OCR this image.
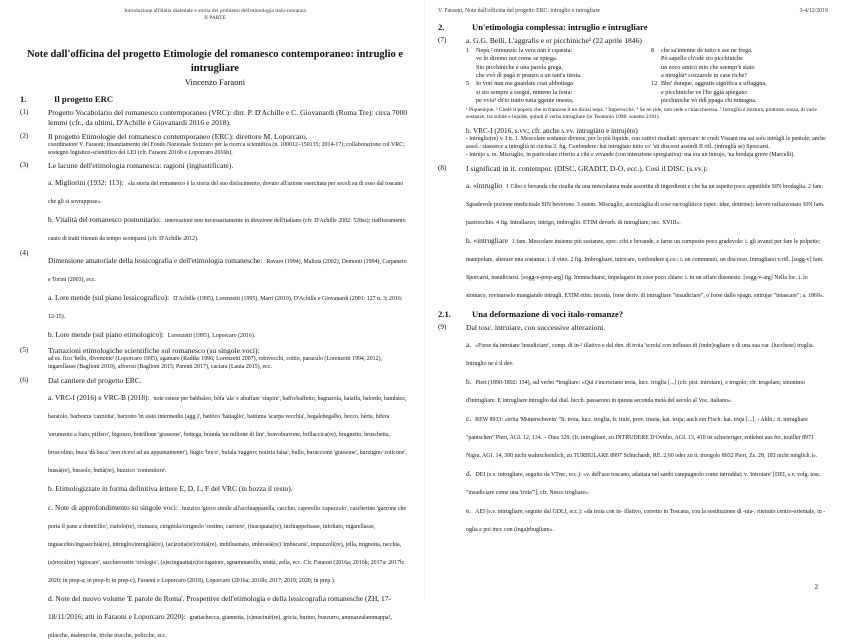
Introduzione all'Italia dialettale e storia dei problemi dell'etimologia italo-romanza
II PARTE
Note dall'officina del progetto Etimologie del romanesco contemporaneo: intruglio e intrugliare
Vincenzo Faraoni
1.	Il progetto ERC
(1)	Progetto Vocabolario del romanesco contemporaneo (VRC): dirr. P. D'Achille e C. Giovanardi (Roma Tre): circa 7000 lemmi (cfr., da ultimi, D'Achille e Giovanardi 2016 e 2018).

(2)	Il progetto Etimologie del romanesco contemporaneo (ERC): direttore M. Loporcaro,

coordinatore V. Faraoni; finanziamento del Fondo Nazionale Svizzero per la ricerca scientifica (n. 100012–150135; 2014-17); collaborazione col VRC; sostegno logistico-scientifico del LEI (cfr. Faraoni 2016b e Loporcaro 2016b).

(3)	Le lacune dell'etimologia romanesca: ragioni (ingiustificate).

a. Migliorini (1932: 113): «la storia del romanesco è la storia del suo disfacimento, dovuto all'azione esercitata per secoli su di esso dal toscano che gli si sovrappose».
b. Vitalità del romanesco postunitario: innovazioni non necessariamente in direzione dell'italiano (cfr. D'Achille 2002: 528ss); riaffioramento cauto di tratti ritenuti da tempo scomparsi (cfr. D'Achille 2012).
(4)
Dimensione amatoriale della lessicografia e dell'etimologia romanesche: Ravaro (1994), Malizia (2002), Demonti (1994), Carpaneto e Torini (2003), ecc.
a. Lore mende (sul piano lessicografico): D'Achille (1995), Lorenzetti (1995), Marri (2010), D'Achille e Giovanardi (2001: 127 n. 3; 2016: 12-15).
b. Lore mende (sul piano etimologico): Lorenzetti (1995), Loporcaro (2016).
(5)	Trattazioni etimologiche scientifiche sul romanesco (su singole voci):

ad es. fico 'bello, divertente' (Loporcaro 1995), sgamare (Radtke 1996; Lorenzetti 2007), robivecchi, cottio, paraculo (Lorenzetti 1994, 2012), ingarellasse (Baglioni 2010), afforosi (Baglioni 2015; Parenti 2017), caciara (Lauta 2015), ecc.

(6)	Dal cantiere del progetto ERC.

a. VRC-I (2016) e VRC-B (2018): note estese per babbaleo, bòfa 'ala' e abuffare 'stupire', baffo/baffetto, bagnarola, baiaffa, balordo, bambace, baratolo, barbozza 'cazzotta', barzotto 'in stato intermedio (agg.)', battòco 'battaglio', battùma 'scarpa vecchia', begalebegalbo, becco, bèrta, bifera 'strumento a fiato, piffero', bigonzo, botrillone 'grassone', bottega, brànda 'un milione di lire', bravobravone, brillaccica(re), brugnetto, bruschetta, bruscolino, buca 'dà buca' 'non ricevi ad un appuntamento'), bugio 'buco', bufala 'raggiro; notizia falsa', bullo, buraccione 'grassone', burzugno 'zoticone', bussà(re), bussolo, buttà(re), buzzico 'contenitore'.
b. Etimologizzate in forma definitiva lettere E, D, L, F del VRC (in bozza il resto).
c. Note di approfondimento su singole voci: buzzico 'gioco simile all'acchiapparella, cacchio, caporello 'capezzolo', cascherino 'garzone che porta il pane a domicilio', ciafolo(re), ciumaca, cirignola/cirignolo 'cestino, carriere', (inacquata(re), inchiappettasse, infoltato, ingarellasse, inguacchio/inguacchià(re), intruglio/intruglià(re), (az)zotta(re)/zottà(re), imbilusinato, imbrosià(re) 'imbucarsi', impuzzolì(re), jella, mignotta, racchia, (a)rrocà(re) 'rigiocare', saccherosette 'orologio', (a)scinguatta(n)/sciugatore, sgnammarello, stuttà, zella, ecc. Cfr. Faraoni (2016a; 2016b; 2017a: 2017b; 2020; in prep-a; in prep-b; in prep-c), Faraoni e Loporcaro (2018), Loporcaro (2016a; 2016b; 2017; 2019; 2020; in prep.).
d. Note del nuovo volume 'E parole de Roma'. Prospettive dell'etimologia e della lessicografia romanesche (ZH, 17-18/11/2016; atti in Faraoni e Loporcaro 2020): grattachecca, giannetta, (s)muciniè(re), gricia, burino, buzzurro, ammazzalammappa!, pilacche, mabrucche, triche trucche, policche, ecc.
V. Faraoni, Note dall'officina del progetto ERC: intruglio e intrugliare	3-4/12/2019
2.	Un'etimologia complessa: intruglio e intrugliare
(7)	a. G.G. Belli, L'aggrafis e er picchiniche¹ (22 aprile 1846)

1	Nepà,² mmunzù: la vera nan è cquesta:
ve lo diremo noi come se spiega.
Sto picchiniche è una parola grega,
che vvò dì pagà ir pranzo a un tant'a ttesta.
5	Io vorì nun me guardate cuai abbottega
si sto sempre a sseguì, mmeno la festa:
pe vvia³ ch'io tratto tutta ggente onesta,
8	che sa'intenne de tutto e sse ne frega.
Pò sapello ch'odè sto picchiniche
un zoco amico mio che ssempr'è stato
a ntruglià⁴ cozzarole in case riche?
12 Bbe' dunque, aggratis significa a uffaggna,
e picchiniche ve l'ho ggià spiegato:
picchiniche vò ddì ppaga chi mmagna.

¹ Piquenique. ² Credè il popolo che in francese il no dicasi nepà. ³ Imperocché. ⁴ Se ne ride, non cede a chiacchierssa. ⁵ Intruglio è mistura, piuttosto sozza, di varie sostanze, tra solide e liquide, quindi il verbo intrugliare (in Teodonio 1998: sonetto 2161).

b. VRC-I (2016, s.vv.; cfr. anche s.vv. intrugiàto e intrujèto)

- intrùglio(re) v. I tr. 1. Mescolare sostanze diverse, per lo più liquide, con cattivi risultati: spercare: te credi Vissani ma sai solo intrùgli le pentole; anche assol.: stasserce a intruglià in cucina 2. fig. Confondere: hai intrugiato tutto co' 'sti discorsi assurdi II rifl. (intruglià se) Sporcarsi.

- intrùjo s. m. Miscuglio, in particolare riferito a cibi e vivande (con intenzione spregiativa): ma era un intrujo, 'na brodaja greve (Marcelli).

(8)	I significati in it. contempor. (DISC, GRADIT, D-O, ecc.). Così il DISC (s.vv.):

a. «intruglio 1 Cibo o bevanda che risulta da una mescolanza male assortita di ingredienti e che ha un aspetto poco appetibile SIN brodaglia. 2 fam. Sgradevole pozione medicinale SIN beverone. 3 estens. Miscuglio, accozzaglia di cose raccogliticce (spec. idee, dottrine); lavoro raffazzonato SIN fam. pastrocchio. 4 fig. Intrallazzo, intrigo, imbroglio. ETIM deverb. di intrugliare; sec. XVIII».
b. «intrugliare 1 fam. Mescolare insieme più sostanze, spec. cibi e bevande, e farne un composto poco gradevole: i. gli avanzi per fare le polpette; manipolare, alterare una sostanza: i. il vino. 2 fig. Imbrogliare, intricare, confondere q.co.: i. un commento, un discorso. Intrugliarsi v.rifl. [sogg-v] fam. Sporcarsi, insudiciarsi. [sogg-v-prep-arg] fig. Immischiarsi, impelagarsi in cose poco chiare: i. in un affare disonesto. [sogg-v-arg] Nella loc. i. lo stomaco, rovinarselo mangiando intrugli. ETIM etim. incerta, forse deriv. di intrugliare "insudiciare", o forse dallo spagn. entrujar "intascare"; a. 1869».
2.1.	Una deformazione di voci italo-romanze?
(9)	Dal tosc. intruiare, con successive alterazioni.

a. «Forse da intruiare 'insudiciare', comp. di in-¹ illativo e del den. di troia 'scrofa' con influsso di (imbr)ogliare o di una sua var. (lucchese) troglia. Intruglio ne è il dev.
b. Pieri (1890-1892: 134), sul verbo *trugliare: «Qui s'incrociano troia, lucc. troglia [...] (cfr. pist. introiare), e trogolo; cfr. trogolare, sinonimo d'intrugliare. E intrugliare intruglio dal dial. lucch. passarono in questa seconda metà del secolo al Voc. italiano».
c. REW 8933: «trōia 'Mutterschwein' "It. troia, lucc. troglia, fr. truie, prov. trueia, kat. truja; auch ein Fisch: kat. truja [...]. - Abltt.: it. intrugliare "pantschen" Pieri, AGI. 12, 134. – Diez 329. (It. intrugliare, zu INTRUDERE D'Ovidio, AGI. 13, 410 ist schwieriger, entlehnt aus frz. touiller 8971 Nigra, AGI. 14, 300 nicht wahrscheinlich, zu TURBULARE 8997 Schuchardt, RE. 2,60 oder zu it. truogolo 8932 Pieri, Zs. 28, 183 nicht möglich.)».
d. DEI (s.v. intrugliare, seguito da VTrec, ecc.): «v. dell'uso toscano, adattata nel sardo campugnolo come intruddai; v. 'introiare' [DEI, s.v. volg. tosc. "insudiciare come una 'troia'"], cfr. Nesce trogliare».
e. AEI (s.v. intrugliare; seguito dal GDLI, ecc.): «da troia con in- illativo, corretto in Toscana, con la sostituzione di -nia-, ritenuto centro-orientale, in -oglia e poi incr. con (inga)rbugliare».
2
